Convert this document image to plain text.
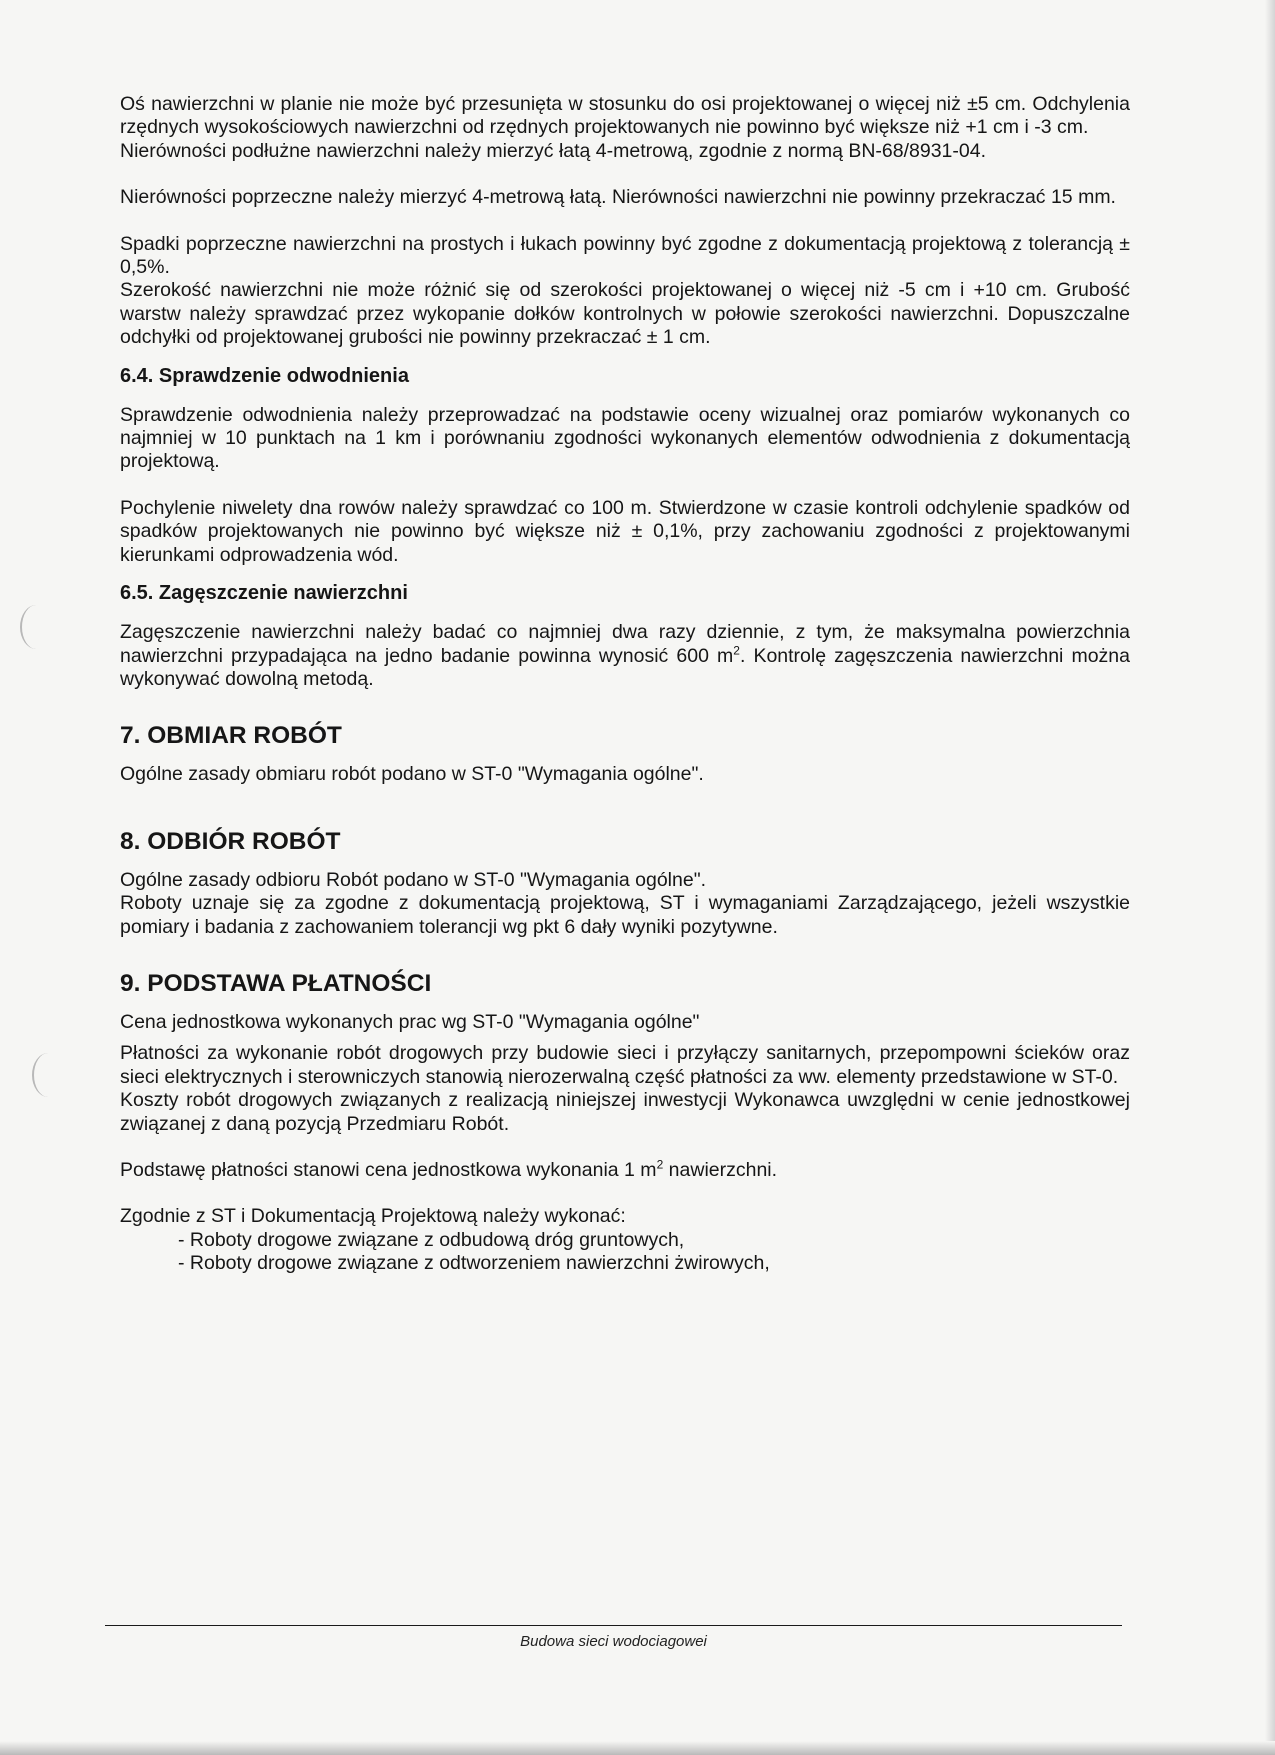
Oś nawierzchni w planie nie może być przesunięta w stosunku do osi projektowanej o więcej niż ±5 cm. Odchylenia rzędnych wysokościowych nawierzchni od rzędnych projektowanych nie powinno być większe niż +1 cm i -3 cm.

Nierówności podłużne nawierzchni należy mierzyć łatą 4-metrową, zgodnie z normą BN-68/8931-04.

Nierówności poprzeczne należy mierzyć 4-metrową łatą. Nierówności nawierzchni nie powinny przekraczać 15 mm.

Spadki poprzeczne nawierzchni na prostych i łukach powinny być zgodne z dokumentacją projektową z tolerancją ± 0,5%.

Szerokość nawierzchni nie może różnić się od szerokości projektowanej o więcej niż -5 cm i +10 cm. Grubość warstw należy sprawdzać przez wykopanie dołków kontrolnych w połowie szerokości nawierzchni. Dopuszczalne odchyłki od projektowanej grubości nie powinny przekraczać ± 1 cm.

6.4. Sprawdzenie odwodnienia

Sprawdzenie odwodnienia należy przeprowadzać na podstawie oceny wizualnej oraz pomiarów wykonanych co najmniej w 10 punktach na 1 km i porównaniu zgodności wykonanych elementów odwodnienia z dokumentacją projektową.

Pochylenie niwelety dna rowów należy sprawdzać co 100 m. Stwierdzone w czasie kontroli odchylenie spadków od spadków projektowanych nie powinno być większe niż ± 0,1%, przy zachowaniu zgodności z projektowanymi kierunkami odprowadzenia wód.

6.5. Zagęszczenie nawierzchni

Zagęszczenie nawierzchni należy badać co najmniej dwa razy dziennie, z tym, że maksymalna powierzchnia nawierzchni przypadająca na jedno badanie powinna wynosić 600 $m^2$. Kontrolę zagęszczenia nawierzchni można wykonywać dowolną metodą.

7. OBMIAR ROBÓT

Ogólne zasady obmiaru robót podano w ST-0 "Wymagania ogólne".

8. ODBIÓR ROBÓT

Ogólne zasady odbioru Robót podano w ST-0 "Wymagania ogólne".

Roboty uznaje się za zgodne z dokumentacją projektową, ST i wymaganiami Zarządzającego, jeżeli wszystkie pomiary i badania z zachowaniem tolerancji wg pkt 6 dały wyniki pozytywne.

9. PODSTAWA PŁATNOŚCI

Cena jednostkowa wykonanych prac wg ST-0 "Wymagania ogólne"

Płatności za wykonanie robót drogowych przy budowie sieci i przyłączy sanitarnych, przepompowni ścieków oraz sieci elektrycznych i sterowniczych stanowią nierozerwalną część płatności za ww. elementy przedstawione w ST-0.

Koszty robót drogowych związanych z realizacją niniejszej inwestycji Wykonawca uwzględni w cenie jednostkowej związanej z daną pozycją Przedmiaru Robót.

Podstawę płatności stanowi cena jednostkowa wykonania 1 $m^2$ nawierzchni.

Zgodnie z ST i Dokumentacją Projektową należy wykonać:

- Roboty drogowe związane z odbudową dróg gruntowych,

- Roboty drogowe związane z odtworzeniem nawierzchni żwirowych,

Budowa sieci wodociagowei
